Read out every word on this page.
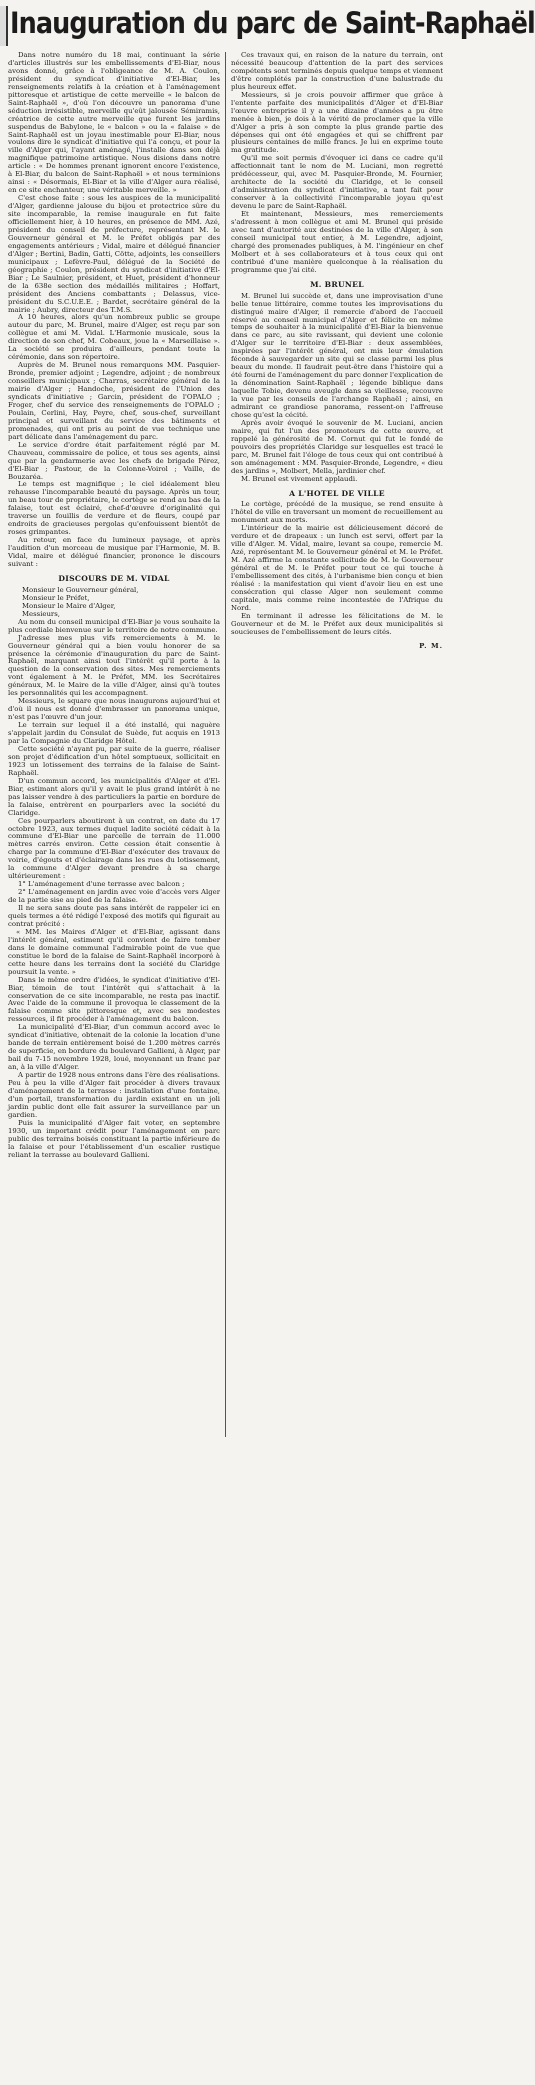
Inauguration du parc de Saint-Raphaël

Dans notre numéro du 18 mai, continuant la série d'articles illustrés sur les embellissements d'El-Biar, nous avons donné, grâce à l'obligeance de M. A. Coulon, président du syndicat d'initiative d'El-Biar, les renseignements relatifs à la création et à l'aménagement pittoresque et artistique de cette merveille « le balcon de Saint-Raphaël », d'où l'on découvre un panorama d'une séduction irrésistible, merveille qu'eût jalousée Sémiramis, créatrice de cette autre merveille que furent les jardins suspendus de Babylone, le « balcon » ou la « falaise » de Saint-Raphaël est un joyau inestimable pour El-Biar, nous voulons dire le syndicat d'initiative qui l'a conçu, et pour la ville d'Alger qui, l'ayant aménagé, l'installe dans son déjà magnifique patrimoine artistique. Nous disions dans notre article : « De hommes prenant ignorent encore l'existence, à El-Biar, du balcon de Saint-Raphaël » et nous terminions ainsi : « Désormais, El-Biar et la ville d'Alger aura réalisé, en ce site enchanteur, une véritable merveille. »

C'est chose faite : sous les auspices de la municipalité d'Alger, gardienne jalouse du bijou et protectrice sûre du site incomparable, la remise inaugurale en fut faite officiellement hier, à 10 heures, en présence de MM. Azé, président du conseil de préfecture, représentant M. le Gouverneur général et M. le Préfet obligés par des engagements antérieurs ; Vidal, maire et délégué financier d'Alger ; Bertini, Badin, Gatti, Cötte, adjoints, les conseillers municipaux ; Lefèvre-Paul, délégué de la Société de géographie ; Coulon, président du syndicat d'initiative d'El-Biar ; Le Saulnier, président, et Huet, président d'honneur de la 638e section des médaillés militaires ; Hoffart, président des Anciens combattants ; Delassus, vice-président du S.C.U.E.E. ; Bardet, secrétaire général de la mairie ; Aubry, directeur des T.M.S.

A 10 heures, alors qu'un nombreux public se groupe autour du parc, M. Brunel, maire d'Alger, est reçu par son collègue et ami M. Vidal. L'Harmonie musicale, sous la direction de son chef, M. Cobeaux, joue la « Marseillaise ». La société se produira d'ailleurs, pendant toute la cérémonie, dans son répertoire.

Auprès de M. Brunel nous remarquons MM. Pasquier-Bronde, premier adjoint ; Legendre, adjoint ; de nombreux conseillers municipaux ; Charras, secrétaire général de la mairie d'Alger ; Handoche, président de l'Union des syndicats d'initiative ; Garcin, président de l'OPALO ; Froger, chef du service des renseignements de l'OPALO ; Poulain, Cerlini, Hay, Peyre, chef, sous-chef, surveillant principal et surveillant du service des bâtiments et promenades, qui ont pris au point de vue technique une part délicate dans l'aménagement du parc.

Le service d'ordre était parfaitement réglé par M. Chauveau, commissaire de police, et tous ses agents, ainsi que par la gendarmerie avec les chefs de brigade Pérez, d'El-Biar ; Pastour, de la Colonne-Voirol ; Vaille, de Bouzaréa.

Le temps est magnifique ; le ciel idéalement bleu rehausse l'incomparable beauté du paysage. Après un tour, un beau tour de propriétaire, le cortège se rend au bas de la falaise, tout est éclairé, chef-d'œuvre d'originalité qui traverse un fouillis de verdure et de fleurs, coupé par endroits de gracieuses pergolas qu'enfouissent bientôt de roses grimpantes.

Au retour, en face du lumineux paysage, et après l'audition d'un morceau de musique par l'Harmonie, M. B. Vidal, maire et délégué financier, prononce le discours suivant :

DISCOURS DE M. VIDAL

Monsieur le Gouverneur général,

Monsieur le Préfet,

Monsieur le Maire d'Alger,

Messieurs,

Au nom du conseil municipal d'El-Biar je vous souhaite la plus cordiale bienvenue sur le territoire de notre commune.

J'adresse mes plus vifs remerciements à M. le Gouverneur général qui a bien voulu honorer de sa présence la cérémonie d'inauguration du parc de Saint-Raphaël, marquant ainsi tout l'intérêt qu'il porte à la question de la conservation des sites. Mes remerciements vont également à M. le Préfet, MM. les Secrétaires généraux, M. le Maire de la ville d'Alger, ainsi qu'à toutes les personnalités qui les accompagnent.

Messieurs, le square que nous inaugurons aujourd'hui et d'où il nous est donné d'embrasser un panorama unique, n'est pas l'œuvre d'un jour.

Le terrain sur lequel il a été installé, qui naguère s'appelait jardin du Consulat de Suède, fut acquis en 1913 par la Compagnie du Claridge Hôtel.

Cette société n'ayant pu, par suite de la guerre, réaliser son projet d'édification d'un hôtel somptueux, sollicitait en 1923 un lotissement des terrains de la falaise de Saint-Raphaël.

D'un commun accord, les municipalités d'Alger et d'El-Biar, estimant alors qu'il y avait le plus grand intérêt à ne pas laisser vendre à des particuliers la partie en bordure de la falaise, entrèrent en pourparlers avec la société du Claridge.

Ces pourparlers aboutirent à un contrat, en date du 17 octobre 1923, aux termes duquel ladite société cédait à la commune d'El-Biar une parcelle de terrain de 11.000 mètres carrés environ. Cette cession était consentie à charge par la commune d'El-Biar d'exécuter des travaux de voirie, d'égouts et d'éclairage dans les rues du lotissement, la commune d'Alger devant prendre à sa charge ultérieurement :

1° L'aménagement d'une terrasse avec balcon ;

2° L'aménagement en jardin avec voie d'accès vers Alger de la partie sise au pied de la falaise.

Il ne sera sans doute pas sans intérêt de rappeler ici en quels termes a été rédigé l'exposé des motifs qui figurait au contrat précité :

« MM. les Maires d'Alger et d'El-Biar, agissant dans l'intérêt général, estiment qu'il convient de faire tomber dans le domaine communal l'admirable point de vue que constitue le bord de la falaise de Saint-Raphaël incorporé à cette heure dans les terrains dont la société du Claridge poursuit la vente. »

Dans le même ordre d'idées, le syndicat d'initiative d'El-Biar, témoin de tout l'intérêt qui s'attachait à la conservation de ce site incomparable, ne resta pas inactif. Avec l'aide de la commune il provoqua le classement de la falaise comme site pittoresque et, avec ses modestes ressources, il fit procéder à l'aménagement du balcon.

La municipalité d'El-Biar, d'un commun accord avec le syndicat d'initiative, obtenait de la colonie la location d'une bande de terrain entièrement boisé de 1.200 mètres carrés de superficie, en bordure du boulevard Gallieni, à Alger, par bail du 7-15 novembre 1928, loué, moyennant un franc par an, à la ville d'Alger.

A partir de 1928 nous entrons dans l'ère des réalisations. Peu à peu la ville d'Alger fait procéder à divers travaux d'aménagement de la terrasse : installation d'une fontaine, d'un portail, transformation du jardin existant en un joli jardin public dont elle fait assurer la surveillance par un gardien.

Puis la municipalité d'Alger fait voter, en septembre 1930, un important crédit pour l'aménagement en parc public des terrains boisés constituant la partie inférieure de la falaise et pour l'établissement d'un escalier rustique reliant la terrasse au boulevard Gallieni.

Ces travaux qui, en raison de la nature du terrain, ont nécessité beaucoup d'attention de la part des services compétents sont terminés depuis quelque temps et viennent d'être complétés par la construction d'une balustrade du plus heureux effet.

Messieurs, si je crois pouvoir affirmer que grâce à l'entente parfaite des municipalités d'Alger et d'El-Biar l'œuvre entreprise il y a une dizaine d'années a pu être menée à bien, je dois à la vérité de proclamer que la ville d'Alger a pris à son compte la plus grande partie des dépenses qui ont été engagées et qui se chiffrent par plusieurs centaines de mille francs. Je lui en exprime toute ma gratitude.

Qu'il me soit permis d'évoquer ici dans ce cadre qu'il affectionnait tant le nom de M. Luciani, mon regretté prédécesseur, qui, avec M. Pasquier-Bronde, M. Fournier, architecte de la société du Claridge, et le conseil d'administration du syndicat d'initiative, a tant fait pour conserver à la collectivité l'incomparable joyau qu'est devenu le parc de Saint-Raphaël.

Et maintenant, Messieurs, mes remerciements s'adressent à mon collègue et ami M. Brunel qui préside avec tant d'autorité aux destinées de la ville d'Alger, à son conseil municipal tout entier, à M. Legendre, adjoint, chargé des promenades publiques, à M. l'ingénieur en chef Molbert et à ses collaborateurs et à tous ceux qui ont contribué d'une manière quelconque à la réalisation du programme que j'ai cité.

M. BRUNEL

M. Brunel lui succède et, dans une improvisation d'une belle tenue littéraire, comme toutes les improvisations du distingué maire d'Alger, il remercie d'abord de l'accueil réservé au conseil municipal d'Alger et félicite en même temps de souhaiter à la municipalité d'El-Biar la bienvenue dans ce parc, au site ravissant, qui devient une colonie d'Alger sur le territoire d'El-Biar : deux assemblées, inspirées par l'intérêt général, ont mis leur émulation féconde à sauvegarder un site qui se classe parmi les plus beaux du monde. Il faudrait peut-être dans l'histoire qui a été fourni de l'aménagement du parc donner l'explication de la dénomination Saint-Raphaël ; légende biblique dans laquelle Tobie, devenu aveugle dans sa vieillesse, recouvre la vue par les conseils de l'archange Raphaël ; ainsi, en admirant ce grandiose panorama, ressent-on l'affreuse chose qu'est la cécité.

Après avoir évoqué le souvenir de M. Luciani, ancien maire, qui fut l'un des promoteurs de cette œuvre, et rappelé la générosité de M. Cornut qui fut le fondé de pouvoirs des propriétés Claridge sur lesquelles est tracé le parc, M. Brunel fait l'éloge de tous ceux qui ont contribué à son aménagement : MM. Pasquier-Bronde, Legendre, « dieu des jardins », Molbert, Mella, jardinier chef.

M. Brunel est vivement applaudi.

A L'HOTEL DE VILLE

Le cortège, précédé de la musique, se rend ensuite à l'hôtel de ville en traversant un moment de recueillement au monument aux morts.

L'intérieur de la mairie est délicieusement décoré de verdure et de drapeaux : un lunch est servi, offert par la ville d'Alger. M. Vidal, maire, levant sa coupe, remercie M. Azé, représentant M. le Gouverneur général et M. le Préfet. M. Azé affirme la constante sollicitude de M. le Gouverneur général et de M. le Préfet pour tout ce qui touche à l'embellissement des cités, à l'urbanisme bien conçu et bien réalisé : la manifestation qui vient d'avoir lieu en est une consécration qui classe Alger non seulement comme capitale, mais comme reine incontestée de l'Afrique du Nord.

En terminant il adresse les félicitations de M. le Gouverneur et de M. le Préfet aux deux municipalités si soucieuses de l'embellissement de leurs cités.

P. M.
